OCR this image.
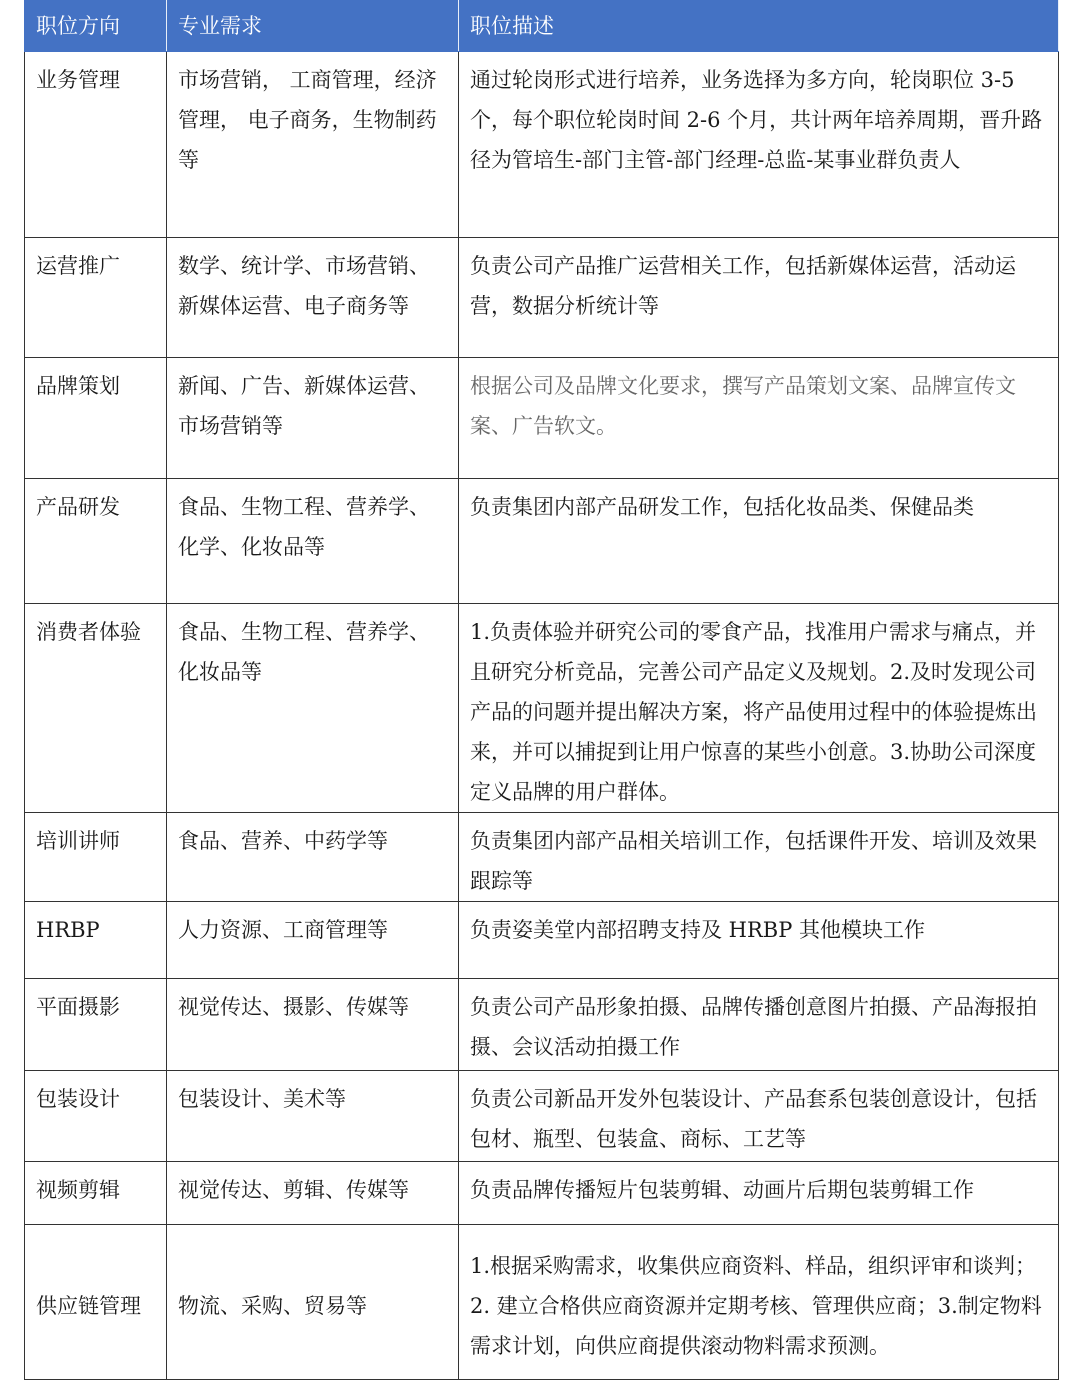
职位方向	专业需求	职位描述
业务管理	市场营销， 工商管理，经济管理， 电子商务，生物制药等	通过轮岗形式进行培养，业务选择为多方向，轮岗职位 3-5 个，每个职位轮岗时间 2-6 个月，共计两年培养周期，晋升路径为管培生-部门主管-部门经理-总监-某事业群负责人
运营推广	数学、统计学、市场营销、新媒体运营、电子商务等	负责公司产品推广运营相关工作，包括新媒体运营，活动运营，数据分析统计等
品牌策划	新闻、广告、新媒体运营、市场营销等	根据公司及品牌文化要求，撰写产品策划文案、品牌宣传文案、广告软文。
产品研发	食品、生物工程、营养学、化学、化妆品等	负责集团内部产品研发工作，包括化妆品类、保健品类
消费者体验	食品、生物工程、营养学、化妆品等	1.负责体验并研究公司的零食产品，找准用户需求与痛点，并且研究分析竞品，完善公司产品定义及规划。2.及时发现公司产品的问题并提出解决方案，将产品使用过程中的体验提炼出来，并可以捕捉到让用户惊喜的某些小创意。3.协助公司深度定义品牌的用户群体。
培训讲师	食品、营养、中药学等	负责集团内部产品相关培训工作，包括课件开发、培训及效果跟踪等
HRBP	人力资源、工商管理等	负责姿美堂内部招聘支持及 HRBP 其他模块工作
平面摄影	视觉传达、摄影、传媒等	负责公司产品形象拍摄、品牌传播创意图片拍摄、产品海报拍摄、会议活动拍摄工作
包装设计	包装设计、美术等	负责公司新品开发外包装设计、产品套系包装创意设计，包括包材、瓶型、包装盒、商标、工艺等
视频剪辑	视觉传达、剪辑、传媒等	负责品牌传播短片包装剪辑、动画片后期包装剪辑工作
供应链管理	物流、采购、贸易等	1.根据采购需求，收集供应商资料、样品，组织评审和谈判；2. 建立合格供应商资源并定期考核、管理供应商；3.制定物料需求计划，向供应商提供滚动物料需求预测。
